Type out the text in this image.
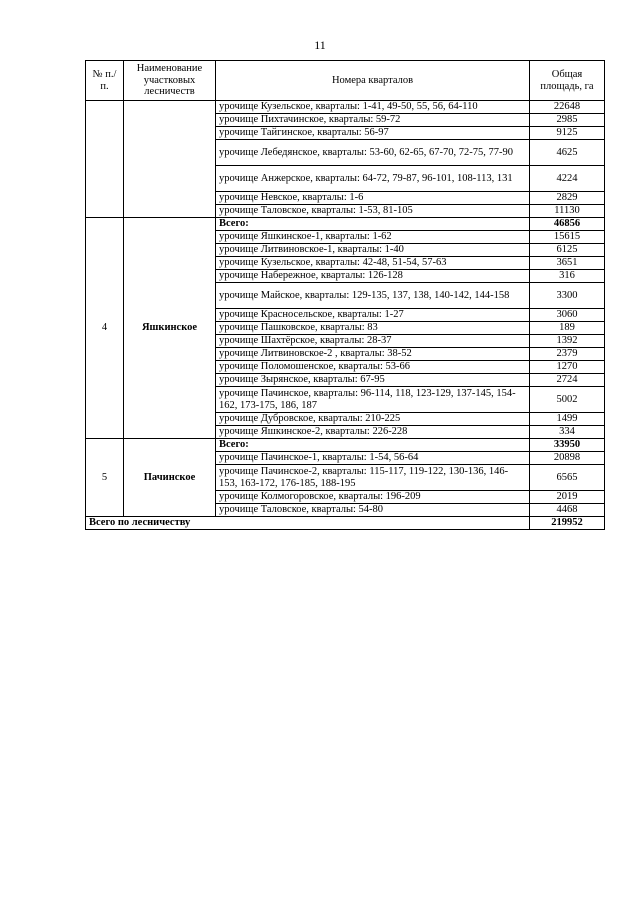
11
№ п./п.	Наименование участковых лесничеств	Номера кварталов	Общая площадь, га
		урочище Кузельское, кварталы: 1-41, 49-50, 55, 56, 64-110	22648
		урочище Пихтачинское, кварталы: 59-72	2985
		урочище Тайгинское, кварталы: 56-97	9125
		урочище Лебедянское, кварталы: 53-60, 62-65, 67-70, 72-75, 77-90	4625
		урочище Анжерское, кварталы: 64-72, 79-87, 96-101, 108-113, 131	4224
		урочище Невское, кварталы: 1-6	2829
		урочище Таловское, кварталы: 1-53, 81-105	11130
4	Яшкинское	Всего:	46856
		урочище Яшкинское-1, кварталы: 1-62	15615
		урочище Литвиновское-1, кварталы: 1-40	6125
		урочище Кузельское, кварталы: 42-48, 51-54, 57-63	3651
		урочище Набережное, кварталы: 126-128	316
		урочище Майское, кварталы: 129-135, 137, 138, 140-142, 144-158	3300
		урочище Красносельское, кварталы: 1-27	3060
		урочище Пашковское, кварталы: 83	189
		урочище Шахтёрское, кварталы: 28-37	1392
		урочище Литвиновское-2 , кварталы: 38-52	2379
		урочище Поломошенское, кварталы: 53-66	1270
		урочище Зырянское, кварталы: 67-95	2724
		урочище Пачинское, кварталы: 96-114, 118, 123-129, 137-145, 154-162, 173-175, 186, 187	5002
		урочище Дубровское, кварталы: 210-225	1499
		урочище Яшкинское-2, кварталы: 226-228	334
5	Пачинское	Всего:	33950
		урочище Пачинское-1, кварталы: 1-54, 56-64	20898
		урочище Пачинское-2, кварталы: 115-117, 119-122, 130-136, 146-153, 163-172, 176-185, 188-195	6565
		урочище Колмогоровское, кварталы: 196-209	2019
		урочище Таловское, кварталы: 54-80	4468
Всего по лесничеству			219952
